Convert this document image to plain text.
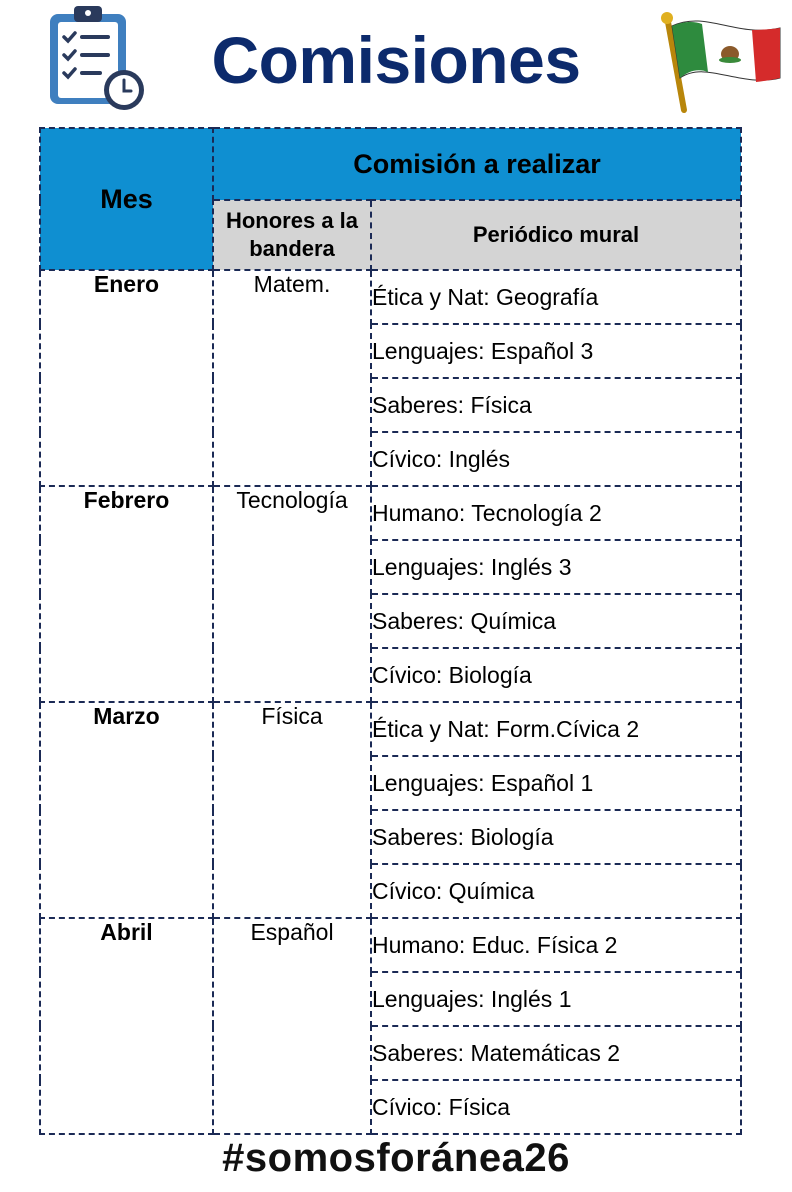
Comisiones
Mes	Comisión a realizar	
	Honores a la bandera	Periódico mural
Enero	Matem.	Ética y Nat: Geografía
		Lenguajes: Español 3
		Saberes: Física
		Cívico: Inglés
Febrero	Tecnología	Humano: Tecnología 2
		Lenguajes: Inglés 3
		Saberes: Química
		Cívico: Biología
Marzo	Física	Ética y Nat: Form.Cívica 2
		Lenguajes: Español 1
		Saberes: Biología
		Cívico: Química
Abril	Español	Humano: Educ. Física 2
		Lenguajes: Inglés 1
		Saberes: Matemáticas 2
		Cívico: Física
#somosforánea26
